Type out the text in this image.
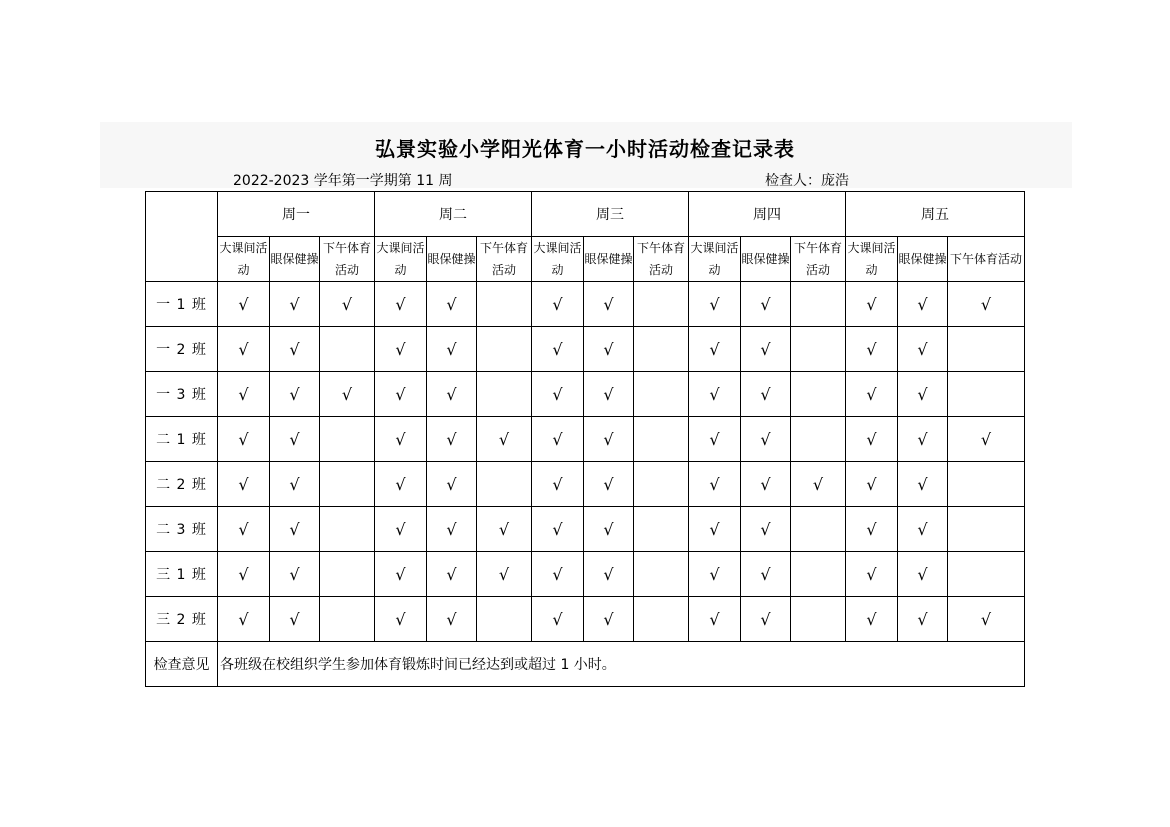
弘景实验小学阳光体育一小时活动检查记录表
2022-2023 学年第一学期第 11 周	检查人：庞浩
	周一			周二			周三			周四			周五		
	大课间活动	眼保健操	下午体育活动	大课间活动	眼保健操	下午体育活动	大课间活动	眼保健操	下午体育活动	大课间活动	眼保健操	下午体育活动	大课间活动	眼保健操	下午体育活动
一 1 班	√	√	√	√	√		√	√		√	√		√	√	√
一 2 班	√	√		√	√		√	√		√	√		√	√	
一 3 班	√	√	√	√	√		√	√		√	√		√	√	
二 1 班	√	√		√	√	√	√	√		√	√		√	√	√
二 2 班	√	√		√	√		√	√		√	√	√	√	√	
二 3 班	√	√		√	√	√	√	√		√	√		√	√	
三 1 班	√	√		√	√	√	√	√		√	√		√	√	
三 2 班	√	√		√	√		√	√		√	√		√	√	√
检查意见	各班级在校组织学生参加体育锻炼时间已经达到或超过 1 小时。														
